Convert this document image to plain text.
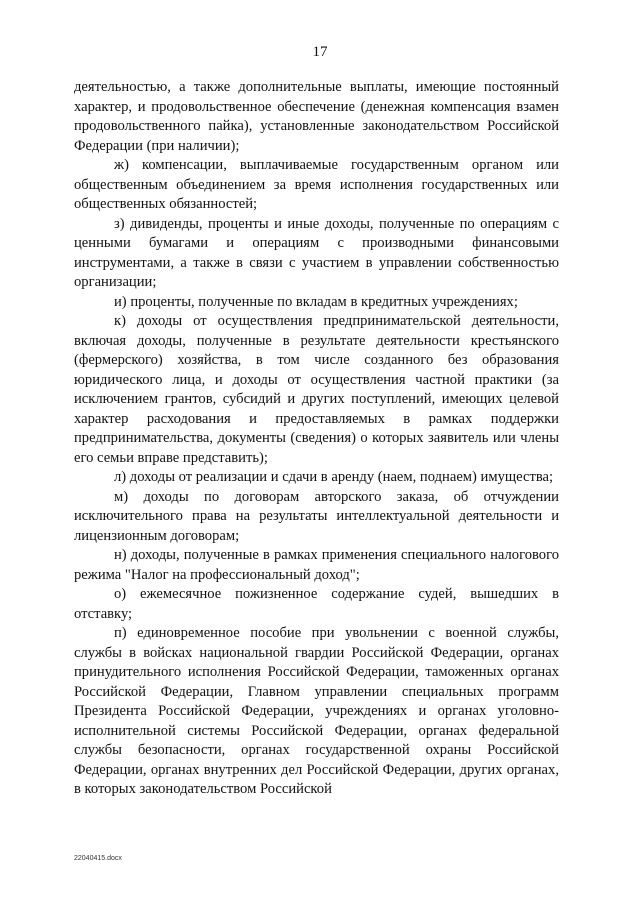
17

деятельностью, а также дополнительные выплаты, имеющие постоянный характер, и продовольственное обеспечение (денежная компенсация взамен продовольственного пайка), установленные законодательством Российской Федерации (при наличии);

ж) компенсации, выплачиваемые государственным органом или общественным объединением за время исполнения государственных или общественных обязанностей;

з) дивиденды, проценты и иные доходы, полученные по операциям с ценными бумагами и операциям с производными финансовыми инструментами, а также в связи с участием в управлении собственностью организации;

и) проценты, полученные по вкладам в кредитных учреждениях;

к) доходы от осуществления предпринимательской деятельности, включая доходы, полученные в результате деятельности крестьянского (фермерского) хозяйства, в том числе созданного без образования юридического лица, и доходы от осуществления частной практики (за исключением грантов, субсидий и других поступлений, имеющих целевой характер расходования и предоставляемых в рамках поддержки предпринимательства, документы (сведения) о которых заявитель или члены его семьи вправе представить);

л) доходы от реализации и сдачи в аренду (наем, поднаем) имущества;

м) доходы по договорам авторского заказа, об отчуждении исключительного права на результаты интеллектуальной деятельности и лицензионным договорам;

н) доходы, полученные в рамках применения специального налогового режима "Налог на профессиональный доход";

о) ежемесячное пожизненное содержание судей, вышедших в отставку;

п) единовременное пособие при увольнении с военной службы, службы в войсках национальной гвардии Российской Федерации, органах принудительного исполнения Российской Федерации, таможенных органах Российской Федерации, Главном управлении специальных программ Президента Российской Федерации, учреждениях и органах уголовно-исполнительной системы Российской Федерации, органах федеральной службы безопасности, органах государственной охраны Российской Федерации, органах внутренних дел Российской Федерации, других органах, в которых законодательством Российской

22040415.docx
